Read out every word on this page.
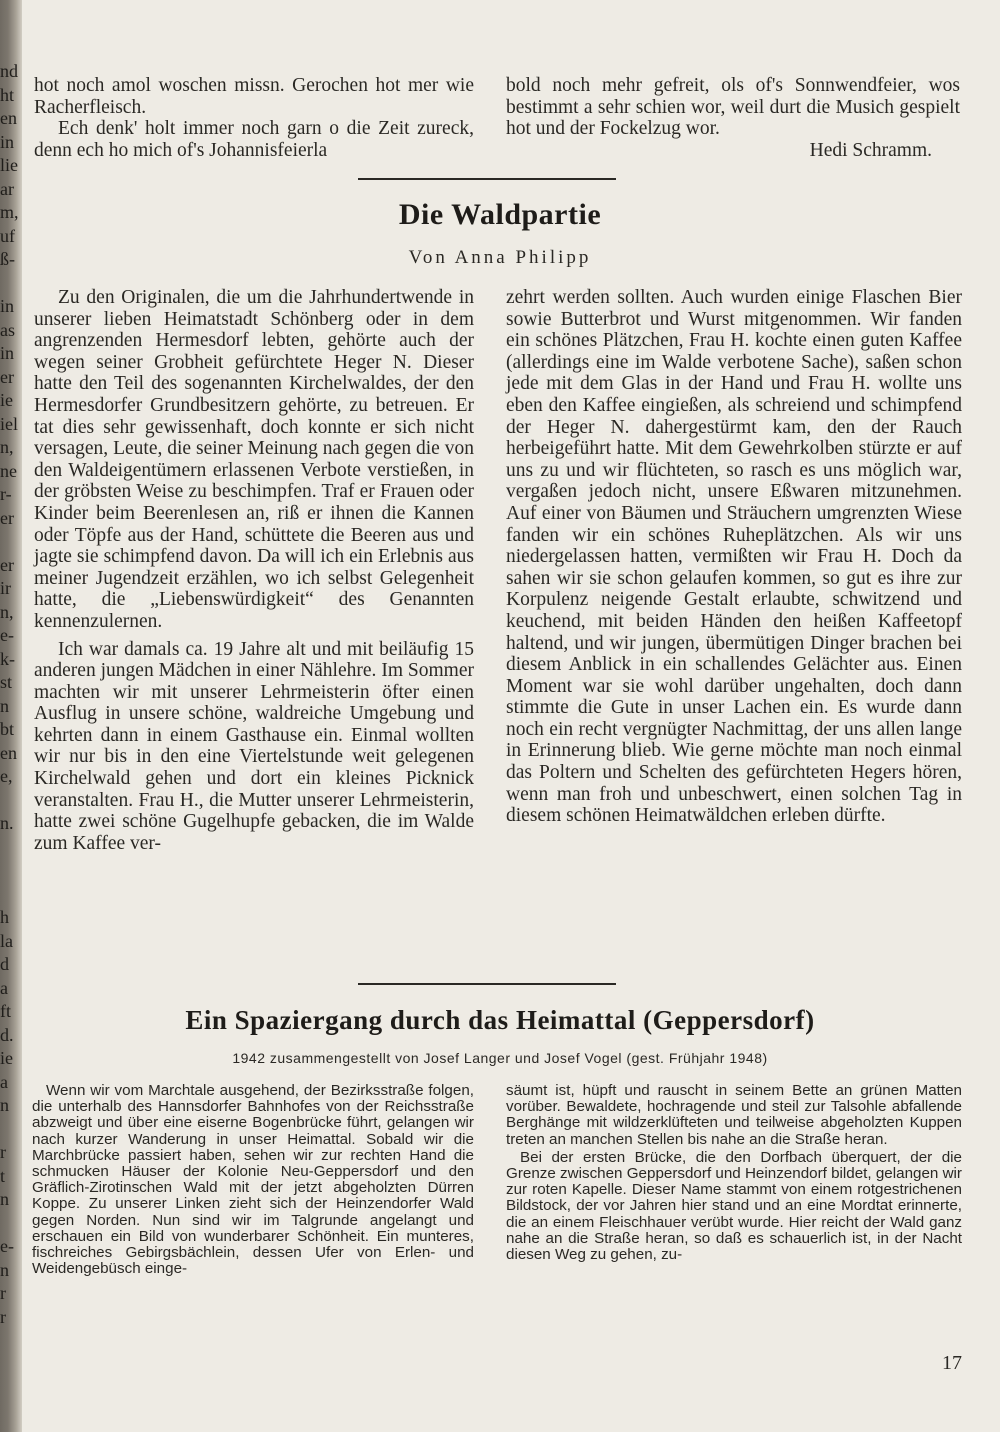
nd
ht
en
in
lie
ar
m,
uf
ß-

in
as
in
er
ie
iel
n,
ne
r-
er

er
ir
n,
e-
k-
st
n
bt
en
e,

n.

h
la
d
a
ft
d.
ie
a
n

r
t
n

e-
n
r
r

hot noch amol woschen missn. Gerochen hot mer wie Racherfleisch.

Ech denk' holt immer noch garn o die Zeit zureck, denn ech ho mich of's Johannisfeierla

bold noch mehr gefreit, ols of's Sonnwendfeier, wos bestimmt a sehr schien wor, weil durt die Musich gespielt hot und der Fockelzug wor.

Hedi Schramm.

Die Waldpartie
Von Anna Philipp

Zu den Originalen, die um die Jahrhundertwende in unserer lieben Heimatstadt Schönberg oder in dem angrenzenden Hermesdorf lebten, gehörte auch der wegen seiner Grobheit gefürchtete Heger N. Dieser hatte den Teil des sogenannten Kirchelwaldes, der den Hermesdorfer Grundbesitzern gehörte, zu betreuen. Er tat dies sehr gewissenhaft, doch konnte er sich nicht versagen, Leute, die seiner Meinung nach gegen die von den Waldeigentümern erlassenen Verbote verstießen, in der gröbsten Weise zu beschimpfen. Traf er Frauen oder Kinder beim Beerenlesen an, riß er ihnen die Kannen oder Töpfe aus der Hand, schüttete die Beeren aus und jagte sie schimpfend davon. Da will ich ein Erlebnis aus meiner Jugendzeit erzählen, wo ich selbst Gelegenheit hatte, die „Liebenswürdigkeit“ des Genannten kennenzulernen.

Ich war damals ca. 19 Jahre alt und mit beiläufig 15 anderen jungen Mädchen in einer Nählehre. Im Sommer machten wir mit unserer Lehrmeisterin öfter einen Ausflug in unsere schöne, waldreiche Umgebung und kehrten dann in einem Gasthause ein. Einmal wollten wir nur bis in den eine Viertelstunde weit gelegenen Kirchelwald gehen und dort ein kleines Picknick veranstalten. Frau H., die Mutter unserer Lehrmeisterin, hatte zwei schöne Gugelhupfe gebacken, die im Walde zum Kaffee ver-

zehrt werden sollten. Auch wurden einige Flaschen Bier sowie Butterbrot und Wurst mitgenommen. Wir fanden ein schönes Plätzchen, Frau H. kochte einen guten Kaffee (allerdings eine im Walde verbotene Sache), saßen schon jede mit dem Glas in der Hand und Frau H. wollte uns eben den Kaffee eingießen, als schreiend und schimpfend der Heger N. dahergestürmt kam, den der Rauch herbeigeführt hatte. Mit dem Gewehrkolben stürzte er auf uns zu und wir flüchteten, so rasch es uns möglich war, vergaßen jedoch nicht, unsere Eßwaren mitzunehmen. Auf einer von Bäumen und Sträuchern umgrenzten Wiese fanden wir ein schönes Ruheplätzchen. Als wir uns niedergelassen hatten, vermißten wir Frau H. Doch da sahen wir sie schon gelaufen kommen, so gut es ihre zur Korpulenz neigende Gestalt erlaubte, schwitzend und keuchend, mit beiden Händen den heißen Kaffeetopf haltend, und wir jungen, übermütigen Dinger brachen bei diesem Anblick in ein schallendes Gelächter aus. Einen Moment war sie wohl darüber ungehalten, doch dann stimmte die Gute in unser Lachen ein. Es wurde dann noch ein recht vergnügter Nachmittag, der uns allen lange in Erinnerung blieb. Wie gerne möchte man noch einmal das Poltern und Schelten des gefürchteten Hegers hören, wenn man froh und unbeschwert, einen solchen Tag in diesem schönen Heimatwäldchen erleben dürfte.

Ein Spaziergang durch das Heimattal (Geppersdorf)
1942 zusammengestellt von Josef Langer und Josef Vogel (gest. Frühjahr 1948)

Wenn wir vom Marchtale ausgehend, der Bezirksstraße folgen, die unterhalb des Hannsdorfer Bahnhofes von der Reichsstraße abzweigt und über eine eiserne Bogenbrücke führt, gelangen wir nach kurzer Wanderung in unser Heimattal. Sobald wir die Marchbrücke passiert haben, sehen wir zur rechten Hand die schmucken Häuser der Kolonie Neu-Geppersdorf und den Gräflich-Zirotinschen Wald mit der jetzt abgeholzten Dürren Koppe. Zu unserer Linken zieht sich der Heinzendorfer Wald gegen Norden. Nun sind wir im Talgrunde angelangt und erschauen ein Bild von wunderbarer Schönheit. Ein munteres, fischreiches Gebirgsbächlein, dessen Ufer von Erlen- und Weidengebüsch einge-

säumt ist, hüpft und rauscht in seinem Bette an grünen Matten vorüber. Bewaldete, hochragende und steil zur Talsohle abfallende Berghänge mit wildzerklüfteten und teilweise abgeholzten Kuppen treten an manchen Stellen bis nahe an die Straße heran.

Bei der ersten Brücke, die den Dorfbach überquert, der die Grenze zwischen Geppersdorf und Heinzendorf bildet, gelangen wir zur roten Kapelle. Dieser Name stammt von einem rotgestrichenen Bildstock, der vor Jahren hier stand und an eine Mordtat erinnerte, die an einem Fleischhauer verübt wurde. Hier reicht der Wald ganz nahe an die Straße heran, so daß es schauerlich ist, in der Nacht diesen Weg zu gehen, zu-

17
